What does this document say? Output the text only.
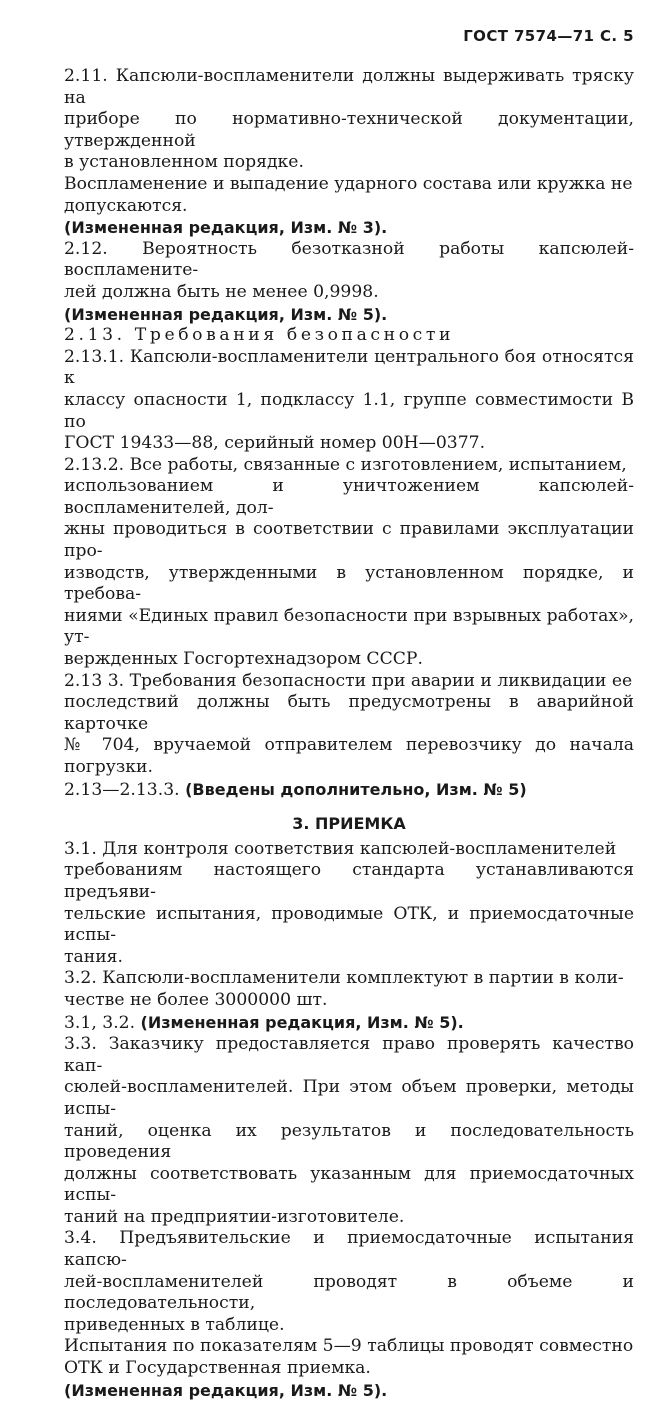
ГОСТ 7574—71 С. 5
2.11. Капсюли-воспламенители должны выдерживать тряску на
приборе по нормативно-технической документации, утвержденной
в установленном порядке.
Воспламенение и выпадение ударного состава или кружка не
допускаются.
(Измененная редакция, Изм. № 3).
2.12. Вероятность безотказной работы капсюлей-воспламените-
лей должна быть не менее 0,9998.
(Измененная редакция, Изм. № 5).
2.13. Требования безопасности
2.13.1. Капсюли-воспламенители центрального боя относятся к
классу опасности 1, подклассу 1.1, группе совместимости В по
ГОСТ 19433—88, серийный номер 00Н—0377.
2.13.2. Все работы, связанные с изготовлением, испытанием,
использованием и уничтожением капсюлей-воспламенителей, дол-
жны проводиться в соответствии с правилами эксплуатации про-
изводств, утвержденными в установленном порядке, и требова-
ниями «Единых правил безопасности при взрывных работах», ут-
вержденных Госгортехнадзором СССР.
2.13 3. Требования безопасности при аварии и ликвидации ее
последствий должны быть предусмотрены в аварийной карточке
№ 704, вручаемой отправителем перевозчику до начала погрузки.
2.13—2.13.3. (Введены дополнительно, Изм. № 5)
3. ПРИЕМКА
3.1. Для контроля соответствия капсюлей-воспламенителей
требованиям настоящего стандарта устанавливаются предъяви-
тельские испытания, проводимые ОТК, и приемосдаточные испы-
тания.
3.2. Капсюли-воспламенители комплектуют в партии в коли-
честве не более 3000000 шт.
3.1, 3.2. (Измененная редакция, Изм. № 5).
3.3. Заказчику предоставляется право проверять качество кап-
сюлей-воспламенителей. При этом объем проверки, методы испы-
таний, оценка их результатов и последовательность проведения
должны соответствовать указанным для приемосдаточных испы-
таний на предприятии-изготовителе.
3.4. Предъявительские и приемосдаточные испытания капсю-
лей-воспламенителей проводят в объеме и последовательности,
приведенных в таблице.
Испытания по показателям 5—9 таблицы проводят совместно
ОТК и Государственная приемка.
(Измененная редакция, Изм. № 5).
